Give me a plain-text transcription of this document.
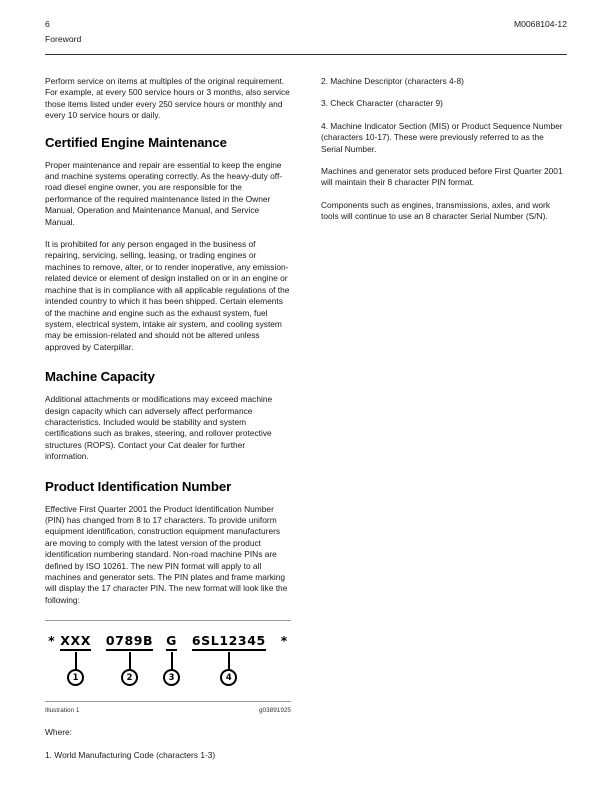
6
Foreword
M0068104-12

Perform service on items at multiples of the original requirement. For example, at every 500 service hours or 3 months, also service those items listed under every 250 service hours or monthly and every 10 service hours or daily.

Certified Engine Maintenance

Proper maintenance and repair are essential to keep the engine and machine systems operating correctly. As the heavy-duty off-road diesel engine owner, you are responsible for the performance of the required maintenance listed in the Owner Manual, Operation and Maintenance Manual, and Service Manual.

It is prohibited for any person engaged in the business of repairing, servicing, selling, leasing, or trading engines or machines to remove, alter, or to render inoperative, any emission-related device or element of design installed on or in an engine or machine that is in compliance with all applicable regulations of the intended country to which it has been shipped. Certain elements of the machine and engine such as the exhaust system, fuel system, electrical system, intake air system, and cooling system may be emission-related and should not be altered unless approved by Caterpillar.

Machine Capacity

Additional attachments or modifications may exceed machine design capacity which can adversely affect performance characteristics. Included would be stability and system certifications such as brakes, steering, and rollover protective structures (ROPS). Contact your Cat dealer for further information.

Product Identification Number

Effective First Quarter 2001 the Product Identification Number (PIN) has changed from 8 to 17 characters. To provide uniform equipment identification, construction equipment manufacturers are moving to comply with the latest version of the product identification numbering standard. Non-road machine PINs are defined by ISO 10261. The new PIN format will apply to all machines and generator sets. The PIN plates and frame marking will display the 17 character PIN. The new format will look like the following:

* XXX 0789B G 6SL12345 *
1	2	3	4
Illustration 1	g03891925

Where:

1. World Manufacturing Code (characters 1-3)

2. Machine Descriptor (characters 4-8)

3. Check Character (character 9)

4. Machine Indicator Section (MIS) or Product Sequence Number (characters 10-17). These were previously referred to as the Serial Number.

Machines and generator sets produced before First Quarter 2001 will maintain their 8 character PIN format.

Components such as engines, transmissions, axles, and work tools will continue to use an 8 character Serial Number (S/N).
